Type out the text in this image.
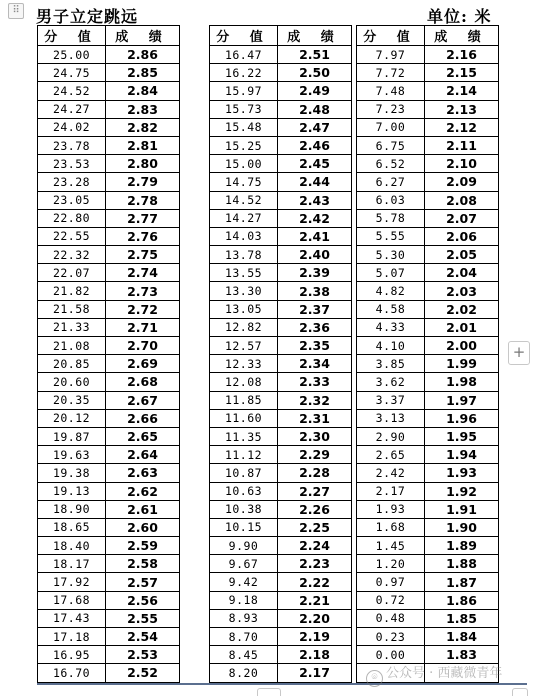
⠿ 男子立定跳远	单位: 米
分 值	成 绩
25.00	2.86
24.75	2.85
24.52	2.84
24.27	2.83
24.02	2.82
23.78	2.81
23.53	2.80
23.28	2.79
23.05	2.78
22.80	2.77
22.55	2.76
22.32	2.75
22.07	2.74
21.82	2.73
21.58	2.72
21.33	2.71
21.08	2.70
20.85	2.69
20.60	2.68
20.35	2.67
20.12	2.66
19.87	2.65
19.63	2.64
19.38	2.63
19.13	2.62
18.90	2.61
18.65	2.60
18.40	2.59
18.17	2.58
17.92	2.57
17.68	2.56
17.43	2.55
17.18	2.54
16.95	2.53
16.70	2.52
分 值	成 绩
16.47	2.51
16.22	2.50
15.97	2.49
15.73	2.48
15.48	2.47
15.25	2.46
15.00	2.45
14.75	2.44
14.52	2.43
14.27	2.42
14.03	2.41
13.78	2.40
13.55	2.39
13.30	2.38
13.05	2.37
12.82	2.36
12.57	2.35
12.33	2.34
12.08	2.33
11.85	2.32
11.60	2.31
11.35	2.30
11.12	2.29
10.87	2.28
10.63	2.27
10.38	2.26
10.15	2.25
9.90	2.24
9.67	2.23
9.42	2.22
9.18	2.21
8.93	2.20
8.70	2.19
8.45	2.18
8.20	2.17
分 值	成 绩
7.97	2.16
7.72	2.15
7.48	2.14
7.23	2.13
7.00	2.12
6.75	2.11
6.52	2.10
6.27	2.09
6.03	2.08
5.78	2.07
5.55	2.06
5.30	2.05
5.07	2.04
4.82	2.03
4.58	2.02
4.33	2.01
4.10	2.00
3.85	1.99
3.62	1.98
3.37	1.97
3.13	1.96
2.90	1.95
2.65	1.94
2.42	1.93
2.17	1.92
1.93	1.91
1.68	1.90
1.45	1.89
1.20	1.88
0.97	1.87
0.72	1.86
0.48	1.85
0.23	1.84
0.00	1.83

+
⌾ 公众号 · 西藏微青年
